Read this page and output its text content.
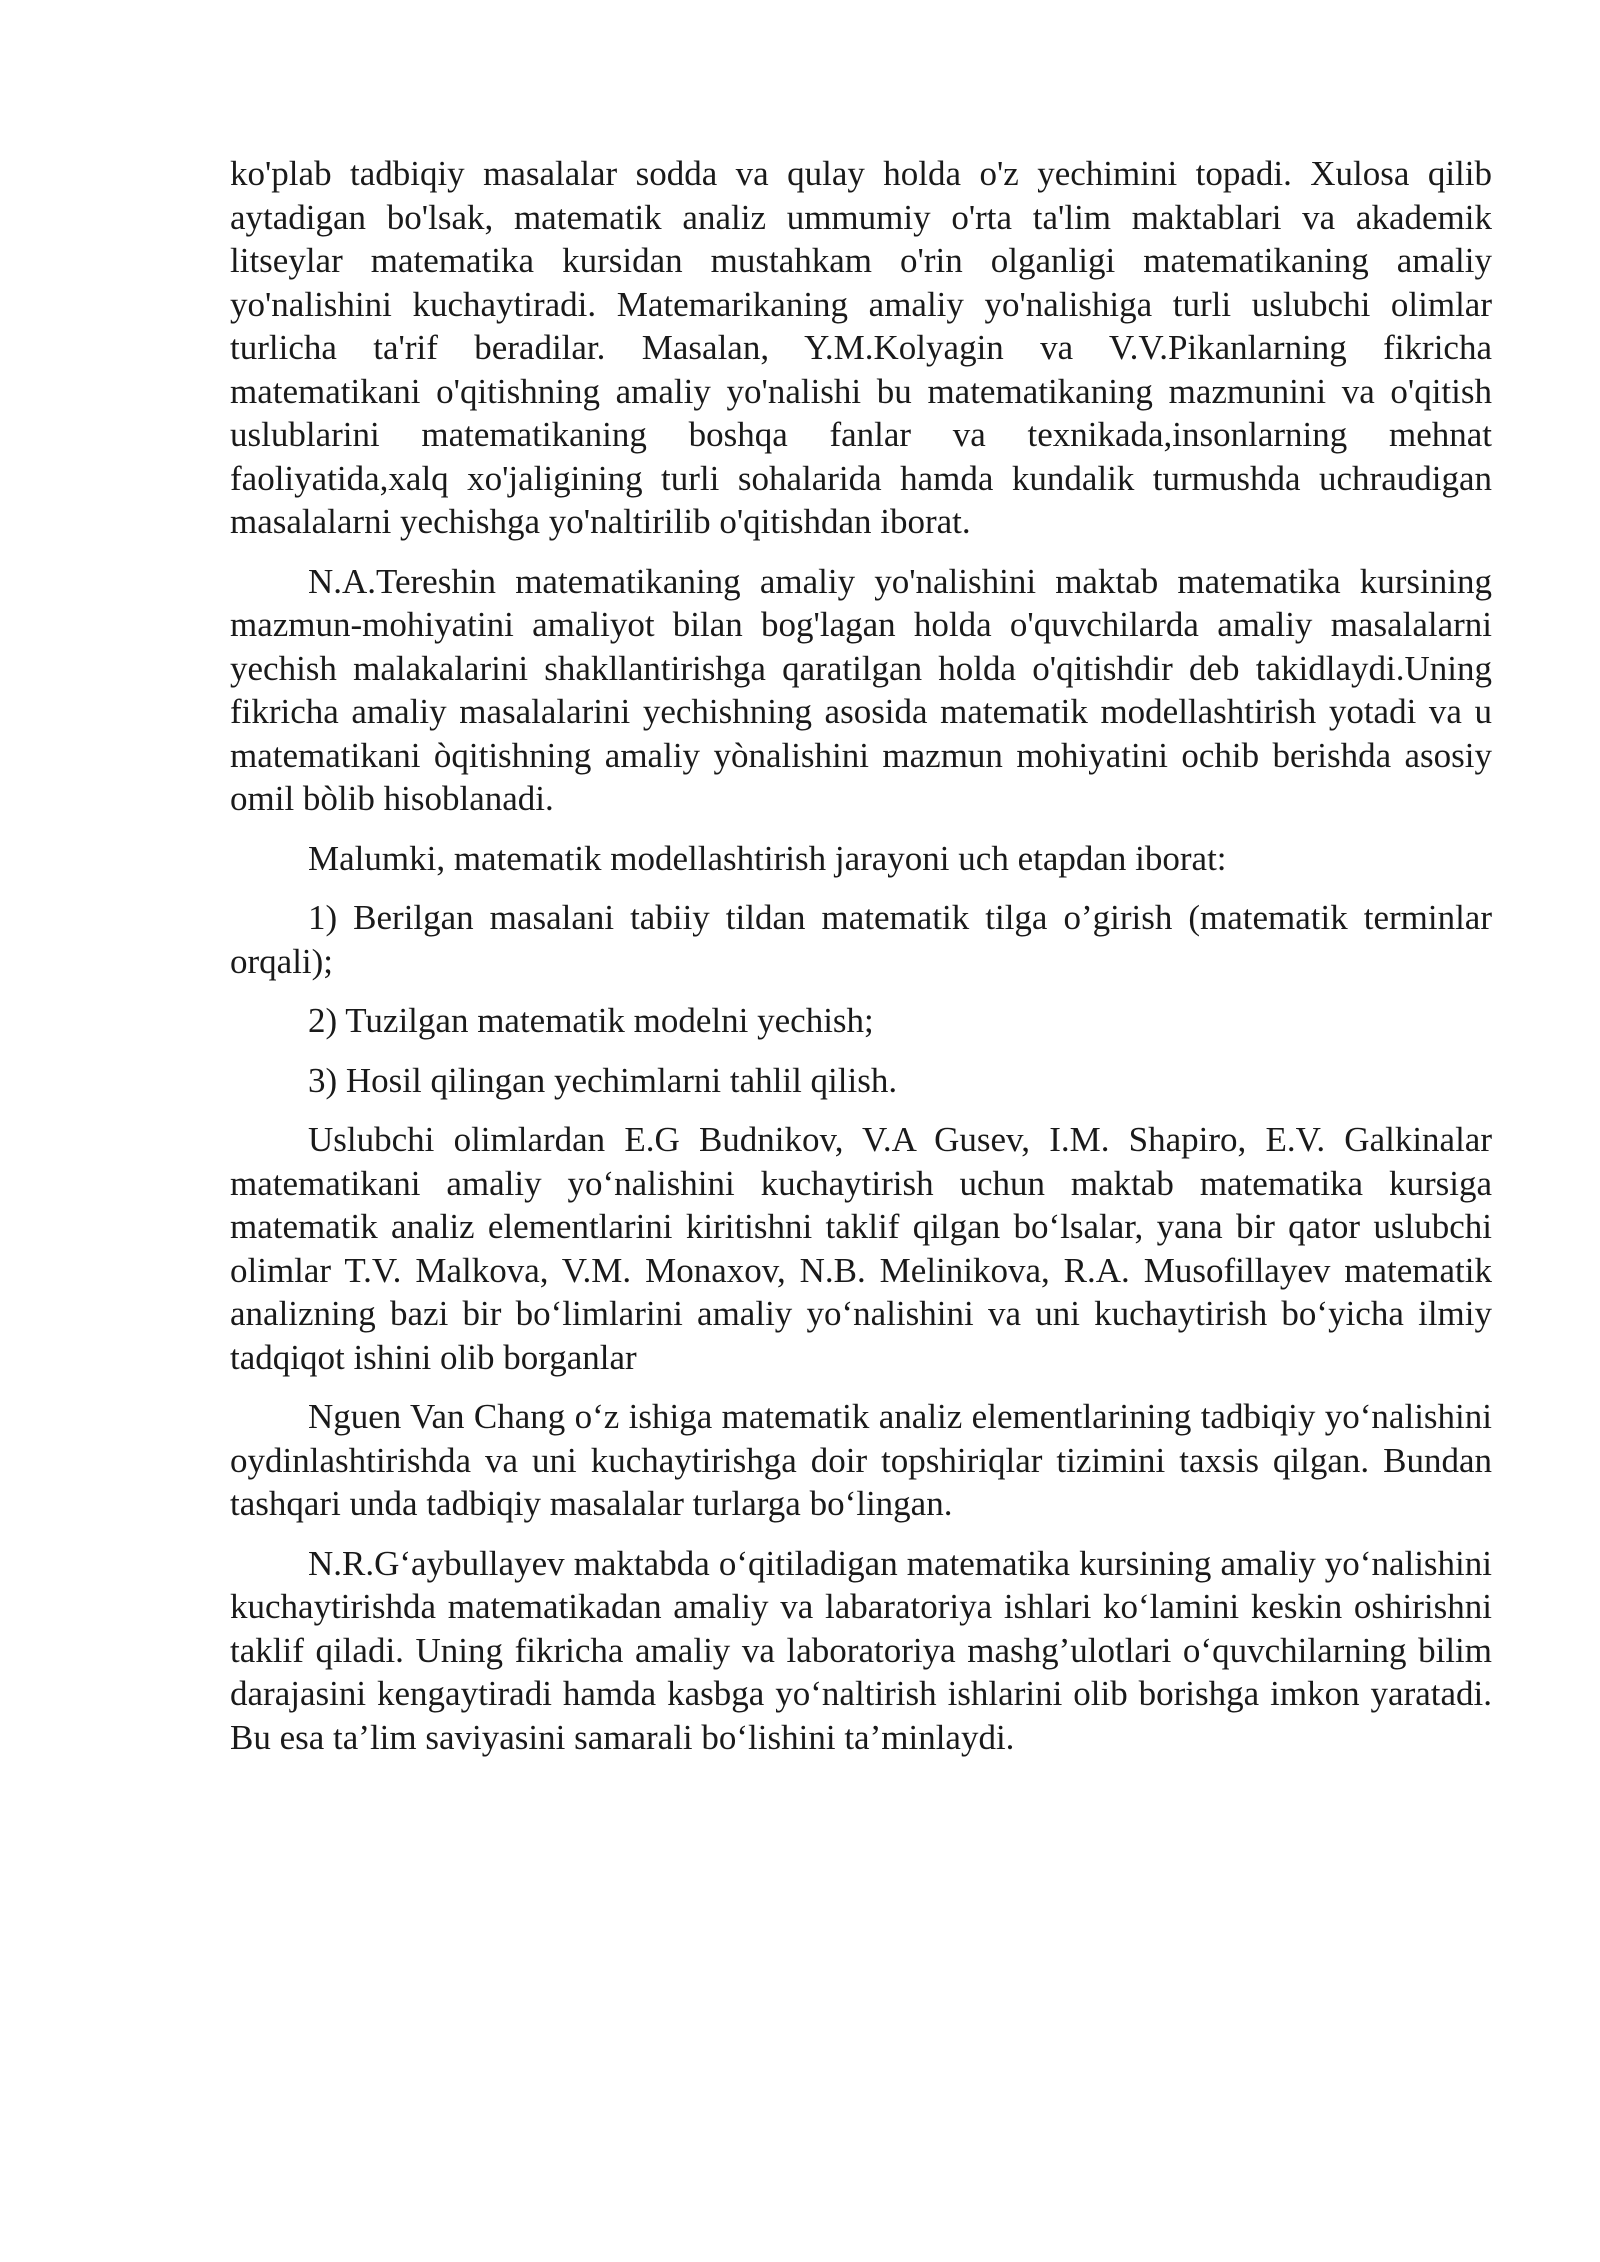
ko'plab tadbiqiy masalalar sodda va qulay holda o'z yechimini topadi. Xulosa qilib aytadigan bo'lsak, matematik analiz ummumiy o'rta ta'lim maktablari va akademik litseylar matematika kursidan mustahkam o'rin olganligi matematikaning amaliy yo'nalishini kuchaytiradi. Matemarikaning amaliy yo'nalishiga turli uslubchi olimlar turlicha ta'rif beradilar. Masalan, Y.M.Kolyagin va V.V.Pikanlarning fikricha matematikani o'qitishning amaliy yo'nalishi bu matematikaning mazmunini va o'qitish uslublarini matematikaning boshqa fanlar va texnikada,insonlarning mehnat faoliyatida,xalq xo'jaligining turli sohalarida hamda kundalik turmushda uchraudigan masalalarni yechishga yo'naltirilib o'qitishdan iborat.

N.A.Tereshin matematikaning amaliy yo'nalishini maktab matematika kursining mazmun-mohiyatini amaliyot bilan bog'lagan holda o'quvchilarda amaliy masalalarni yechish malakalarini shakllantirishga qaratilgan holda o'qitishdir deb takidlaydi.Uning fikricha amaliy masalalarini yechishning asosida matematik modellashtirish yotadi va u matematikani òqitishning amaliy yònalishini mazmun mohiyatini ochib berishda asosiy omil bòlib hisoblanadi.

Malumki, matematik modellashtirish jarayoni uch etapdan iborat:

1) Berilgan masalani tabiiy tildan matematik tilga o’girish (matematik terminlar orqali);

2) Tuzilgan matematik modelni yechish;

3) Hosil qilingan yechimlarni tahlil qilish.

Uslubchi olimlardan E.G Budnikov, V.A Gusev, I.M. Shapiro, E.V. Galkinalar matematikani amaliy yo‘nalishini kuchaytirish uchun maktab matematika kursiga matematik analiz elementlarini kiritishni taklif qilgan bo‘lsalar, yana bir qator uslubchi olimlar T.V. Malkova, V.M. Monaxov, N.B. Melinikova, R.A. Musofillayev matematik analizning bazi bir bo‘limlarini amaliy yo‘nalishini va uni kuchaytirish bo‘yicha ilmiy tadqiqot ishini olib borganlar

Nguen Van Chang o‘z ishiga matematik analiz elementlarining tadbiqiy yo‘nalishini oydinlashtirishda va uni kuchaytirishga doir topshiriqlar tizimini taxsis qilgan. Bundan tashqari unda tadbiqiy masalalar turlarga bo‘lingan.

N.R.G‘aybullayev maktabda o‘qitiladigan matematika kursining amaliy yo‘nalishini kuchaytirishda matematikadan amaliy va labaratoriya ishlari ko‘lamini keskin oshirishni taklif qiladi. Uning fikricha amaliy va laboratoriya mashg’ulotlari o‘quvchilarning bilim darajasini kengaytiradi hamda kasbga yo‘naltirish ishlarini olib borishga imkon yaratadi. Bu esa ta’lim saviyasini samarali bo‘lishini ta’minlaydi.
